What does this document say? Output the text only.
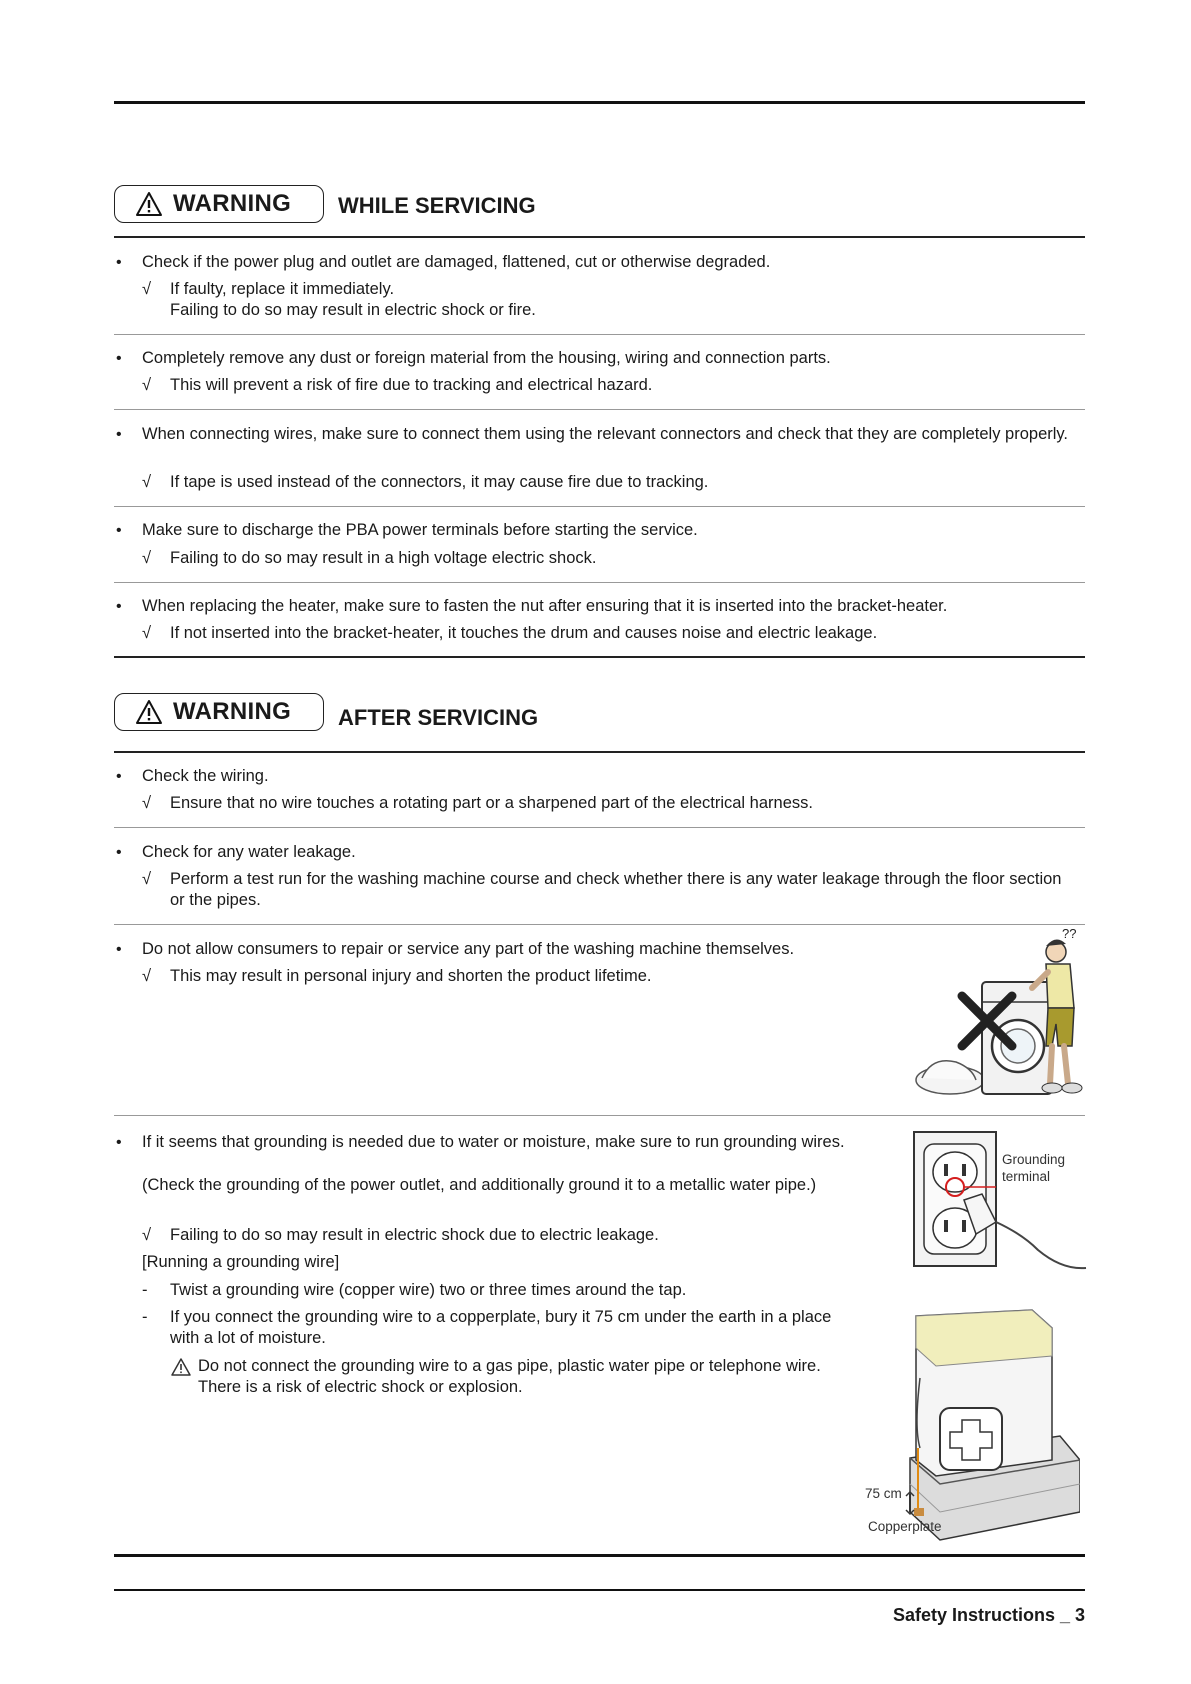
WARNING WHILE SERVICING
• Check if the power plug and outlet are damaged, flattened, cut or otherwise degraded.
√ If faulty, replace it immediately.
Failing to do so may result in electric shock or fire.
• Completely remove any dust or foreign material from the housing, wiring and connection parts.
√ This will prevent a risk of fire due to tracking and electrical hazard.
• When connecting wires, make sure to connect them using the relevant connectors and check that they are completely properly.
√ If tape is used instead of the connectors, it may cause fire due to tracking.
• Make sure to discharge the PBA power terminals before starting the service.
√ Failing to do so may result in a high voltage electric shock.
• When replacing the heater, make sure to fasten the nut after ensuring that it is inserted into the bracket-heater.
√ If not inserted into the bracket-heater, it touches the drum and causes noise and electric leakage.
WARNING AFTER SERVICING
• Check the wiring.
√ Ensure that no wire touches a rotating part or a sharpened part of the electrical harness.
• Check for any water leakage.
√ Perform a test run for the washing machine course and check whether there is any water leakage through the floor section or the pipes.
• Do not allow consumers to repair or service any part of the washing machine themselves.
√ This may result in personal injury and shorten the product lifetime.
??
• If it seems that grounding is needed due to water or moisture, make sure to run grounding wires.
(Check the grounding of the power outlet, and additionally ground it to a metallic water pipe.)
√ Failing to do so may result in electric shock due to electric leakage.
[Running a grounding wire]
- Twist a grounding wire (copper wire) two or three times around the tap.
- If you connect the grounding wire to a copperplate, bury it 75 cm under the earth in a place with a lot of moisture.
Do not connect the grounding wire to a gas pipe, plastic water pipe or telephone wire. There is a risk of electric shock or explosion.
Grounding terminal
75 cm
Copperplate
Safety Instructions _ 3
